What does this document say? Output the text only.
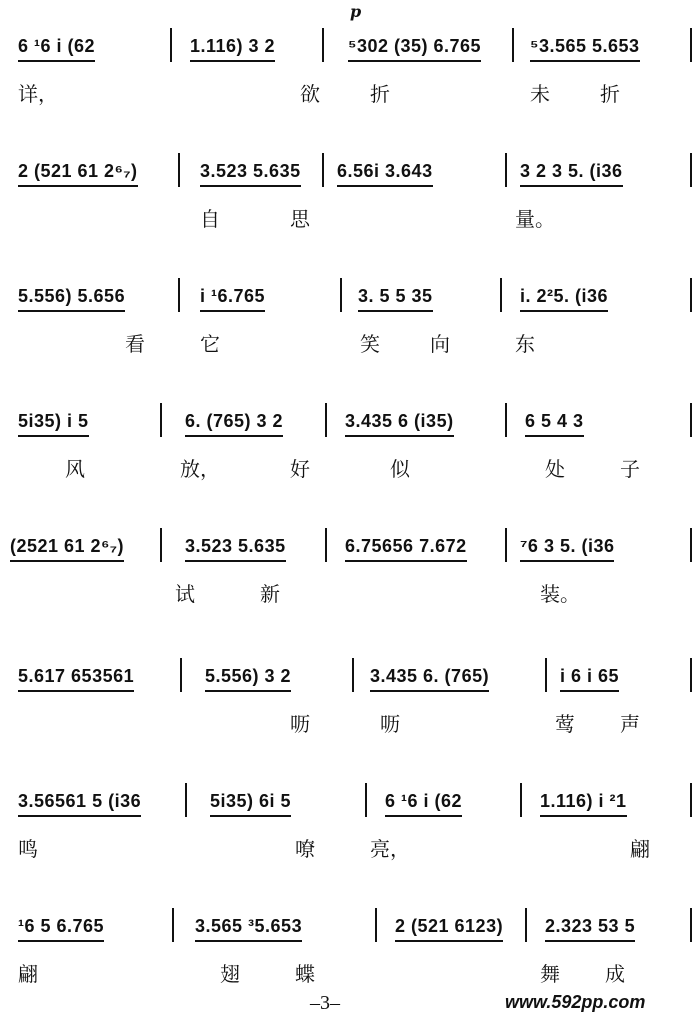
6 ¹6 i (62	1.116) 3 2	⁵302 (35) 6.765	⁵3.565 5.653
详，	欲	折	未	折
2 (521 61 2⁶₇)	3.523 5.635 6.56i 3.643	3 2 3 5. (i36
自	思	量。
5.556) 5.656	i ¹6.765	3. 5 5 35	i. 2²5. (i36
看	它	笑	向	东
5i35) i 5	6. (765) 3 2	3.435 6 (i35)	6 5 4 3
风	放，	好	似	处	子
(2521 61 2⁶₇)	3.523 5.635	6.75656 7.672	⁷6 3 5. (i36
试	新	装。
5.617 653561	5.556) 3 2	3.435 6. (765)	i 6 i 65
呖	呖	莺 声
3.56561 5 (i36	5i35) 6i 5	6 ¹6 i (62	1.116) i ²1
鸣	嘹	亮，	翩
¹6 5 6.765	3.565 ³5.653	2 (521 6123) 2.323 53 5
翩	翅	蝶	舞 成
p
–3–	www.592pp.com
